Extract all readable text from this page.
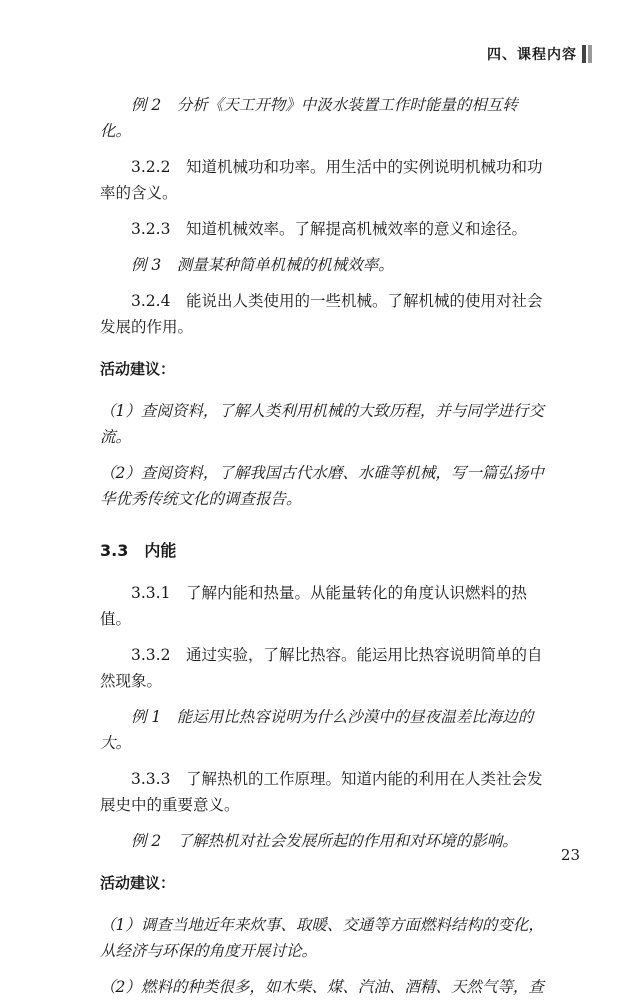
四、课程内容

例 2　分析《天工开物》中汲水装置工作时能量的相互转化。

3.2.2　知道机械功和功率。用生活中的实例说明机械功和功率的含义。

3.2.3　知道机械效率。了解提高机械效率的意义和途径。

例 3　测量某种简单机械的机械效率。

3.2.4　能说出人类使用的一些机械。了解机械的使用对社会发展的作用。

活动建议：

（1）查阅资料，了解人类利用机械的大致历程，并与同学进行交流。

（2）查阅资料，了解我国古代水磨、水碓等机械，写一篇弘扬中华优秀传统文化的调查报告。

3.3　内能

3.3.1　了解内能和热量。从能量转化的角度认识燃料的热值。

3.3.2　通过实验，了解比热容。能运用比热容说明简单的自然现象。

例 1　能运用比热容说明为什么沙漠中的昼夜温差比海边的大。

3.3.3　了解热机的工作原理。知道内能的利用在人类社会发展史中的重要意义。

例 2　了解热机对社会发展所起的作用和对环境的影响。

活动建议：

（1）调查当地近年来炊事、取暖、交通等方面燃料结构的变化，从经济与环保的角度开展讨论。

（2）燃料的种类很多，如木柴、煤、汽油、酒精、天然气等，查

23
